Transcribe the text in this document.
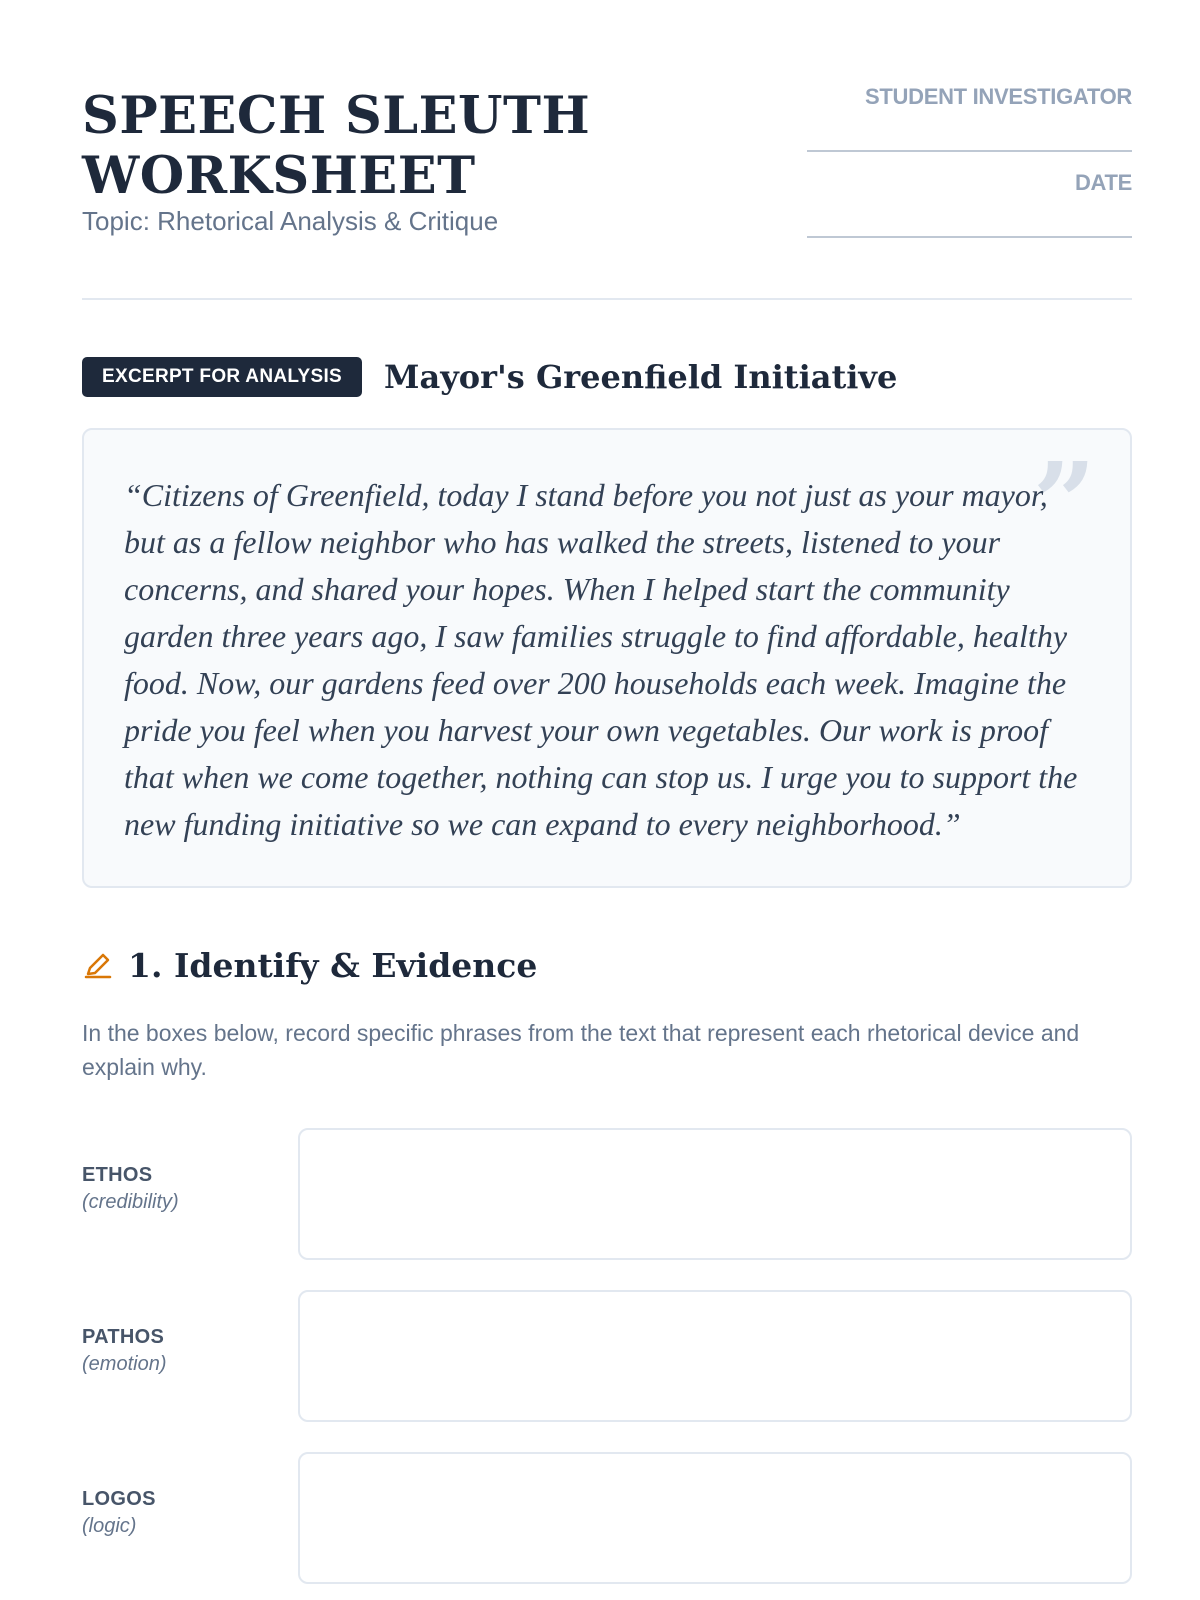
SPEECH SLEUTH
WORKSHEET
Topic: Rhetorical Analysis & Critique
STUDENT INVESTIGATOR
DATE
EXCERPT FOR ANALYSIS	Mayor's Greenfield Initiative
”

“Citizens of Greenfield, today I stand before you not just as your mayor, but as a fellow neighbor who has walked the streets, listened to your concerns, and shared your hopes. When I helped start the community garden three years ago, I saw families struggle to find affordable, healthy food. Now, our gardens feed over 200 households each week. Imagine the pride you feel when you harvest your own vegetables. Our work is proof that when we come together, nothing can stop us. I urge you to support the new funding initiative so we can expand to every neighborhood.”

1. Identify & Evidence

In the boxes below, record specific phrases from the text that represent each rhetorical device and explain why.

ETHOS
(credibility)
PATHOS
(emotion)
LOGOS
(logic)
